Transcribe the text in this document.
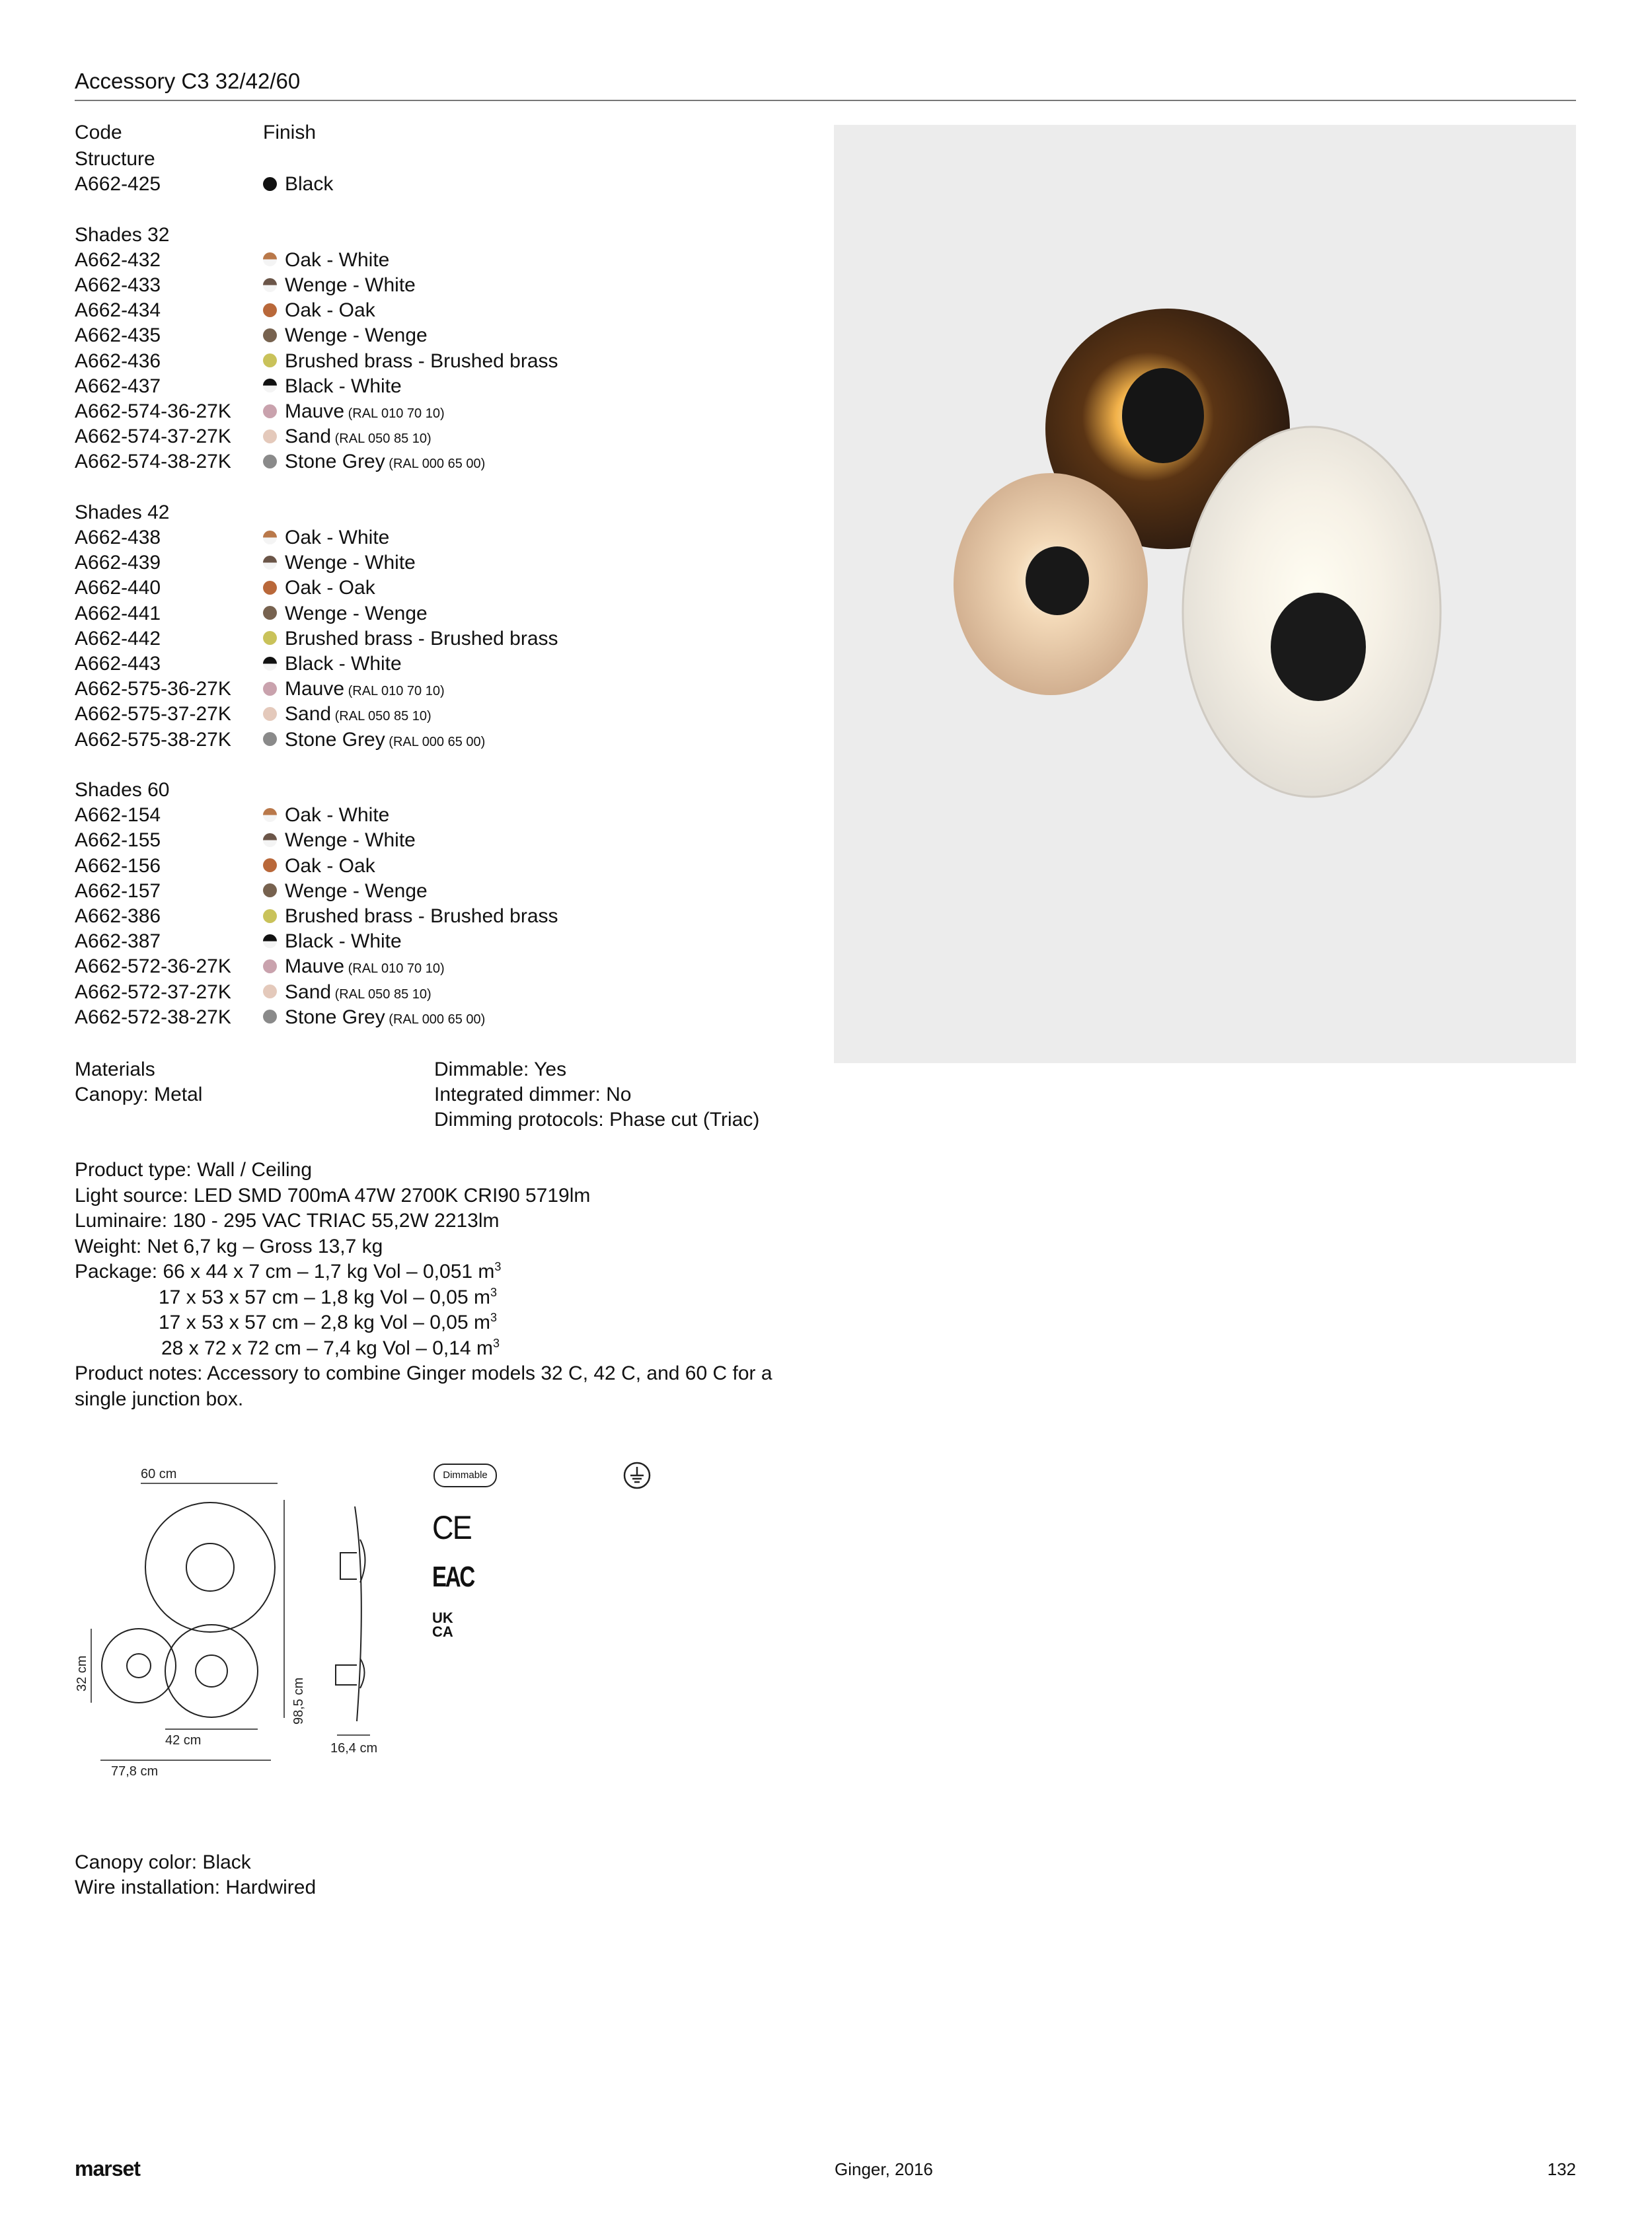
Accessory C3 32/42/60
Code	Finish
Structure
A662-425	Black
Shades 32
A662-432	Oak - White
A662-433	Wenge - White
A662-434	Oak - Oak
A662-435	Wenge - Wenge
A662-436	Brushed brass - Brushed brass
A662-437	Black - White
A662-574-36-27K	Mauve (RAL 010 70 10)
A662-574-37-27K	Sand (RAL 050 85 10)
A662-574-38-27K	Stone Grey (RAL 000 65 00)
Shades 42
A662-438	Oak - White
A662-439	Wenge - White
A662-440	Oak - Oak
A662-441	Wenge - Wenge
A662-442	Brushed brass - Brushed brass
A662-443	Black - White
A662-575-36-27K	Mauve (RAL 010 70 10)
A662-575-37-27K	Sand (RAL 050 85 10)
A662-575-38-27K	Stone Grey (RAL 000 65 00)
Shades 60
A662-154	Oak - White
A662-155	Wenge - White
A662-156	Oak - Oak
A662-157	Wenge - Wenge
A662-386	Brushed brass - Brushed brass
A662-387	Black - White
A662-572-36-27K	Mauve (RAL 010 70 10)
A662-572-37-27K	Sand (RAL 050 85 10)
A662-572-38-27K	Stone Grey (RAL 000 65 00)
Materials
Canopy: Metal
Dimmable: Yes
Integrated dimmer: No
Dimming protocols: Phase cut (Triac)
Product type: Wall / Ceiling
Light source: LED SMD 700mA 47W 2700K CRI90 5719lm
Luminaire: 180 - 295 VAC TRIAC 55,2W 2213lm
Weight: Net 6,7 kg – Gross 13,7 kg
Package: 66 x 44 x 7 cm – 1,7 kg Vol – 0,051 $m^3$
17 x 53 x 57 cm – 1,8 kg Vol – 0,05 $m^3$
17 x 53 x 57 cm – 2,8 kg Vol – 0,05 $m^3$
28 x 72 x 72 cm – 7,4 kg Vol – 0,14 $m^3$
Product notes: Accessory to combine Ginger models 32 C, 42 C, and 60 C for a single junction box.
60 cm
42 cm
77,8 cm
16,4 cm
32 cm
98,5 cm
Dimmable
CE
EAC
UK
CA
Canopy color: Black
Wire installation: Hardwired
marset	Ginger, 2016	132
